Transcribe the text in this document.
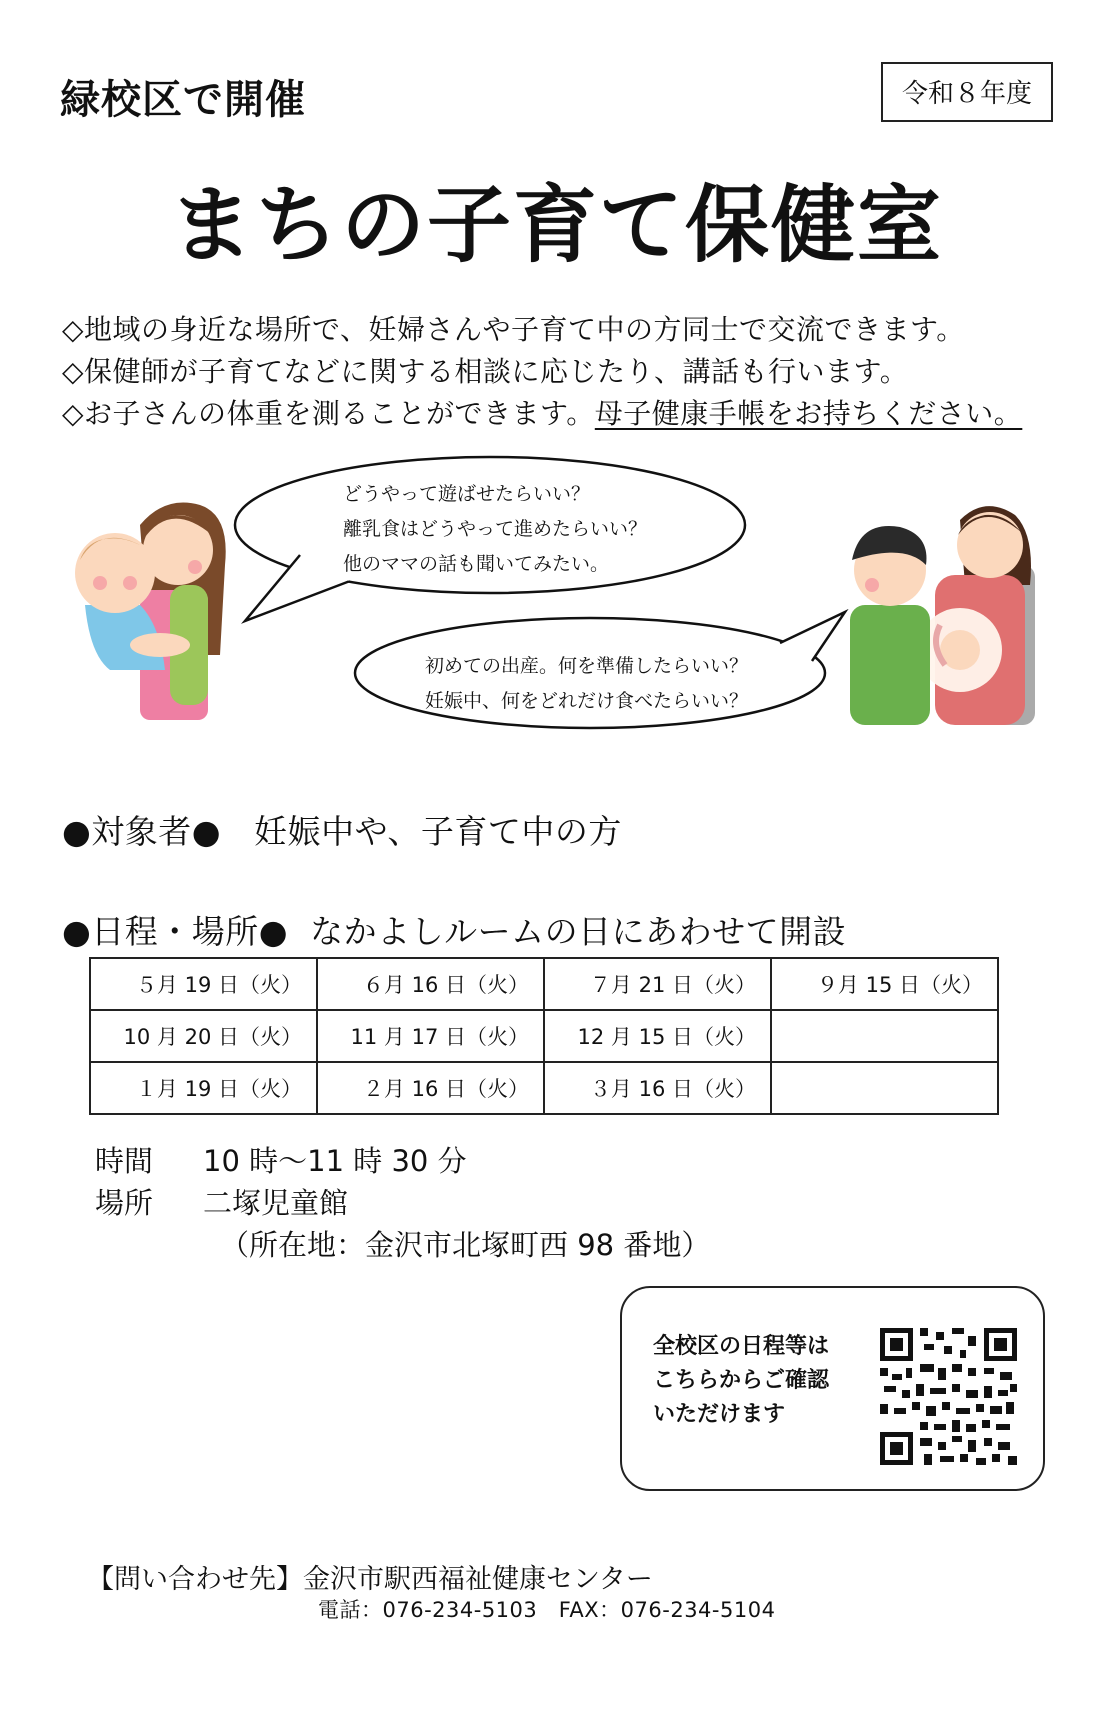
緑校区で開催	令和８年度
まちの子育て保健室
◇地域の身近な場所で、妊婦さんや子育て中の方同士で交流できます。
◇保健師が子育てなどに関する相談に応じたり、講話も行います。
◇お子さんの体重を測ることができます。母子健康手帳をお持ちください。
どうやって遊ばせたらいい？
離乳食はどうやって進めたらいい？
他のママの話も聞いてみたい。
初めての出産。何を準備したらいい？
妊娠中、何をどれだけ食べたらいい？
●対象者● 妊娠中や、子育て中の方
●日程・場所● なかよしルームの日にあわせて開設
５月 19 日（火）	６月 16 日（火）	７月 21 日（火）	９月 15 日（火）
10 月 20 日（火）	11 月 17 日（火）	12 月 15 日（火）	
１月 19 日（火）	２月 16 日（火）	３月 16 日（火）	
時間 10 時～11 時 30 分
場所 二塚児童館
（所在地：金沢市北塚町西 98 番地）
全校区の日程等は
こちらからご確認
いただけます
【問い合わせ先】金沢市駅西福祉健康センター
電話：076-234-5103　FAX：076-234-5104
